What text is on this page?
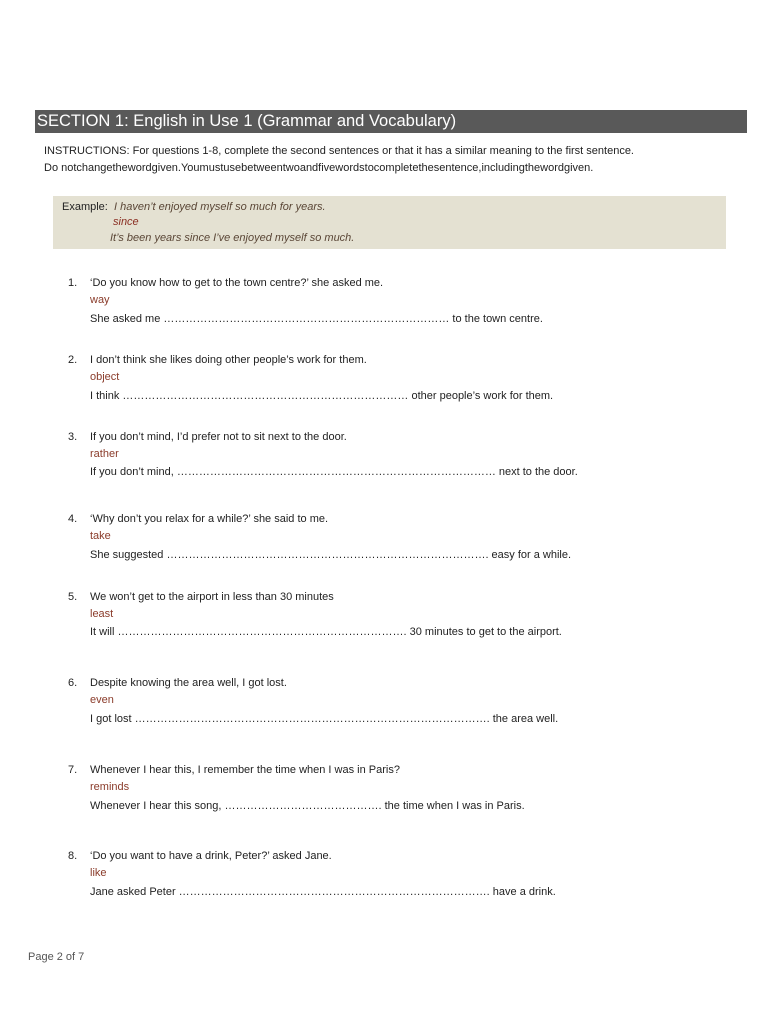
SECTION 1: English in Use 1 (Grammar and Vocabulary)
INSTRUCTIONS: For questions 1-8, complete the second sentences or that it has a similar meaning to the first sentence.
Do notchangethewordgiven.Youmustusebetweentwoandfivewordstocompletethesentence,includingthewordgiven.
Example: I haven’t enjoyed myself so much for years.
since
It’s been years since I’ve enjoyed myself so much.
1.	‘Do you know how to get to the town centre?’ she asked me.
way
She asked me …………………………………………………………………… to the town centre.
2.	I don’t think she likes doing other people’s work for them.
object
I think …………………………………………………………………… other people’s work for them.
3.	If you don’t mind, I’d prefer not to sit next to the door.
rather
If you don’t mind, …………………………………………………………………………… next to the door.
4.	‘Why don’t you relax for a while?’ she said to me.
take
She suggested ……………………………………………………………………………. easy for a while.
5.	We won’t get to the airport in less than 30 minutes
least
It will ……………………………………………………………………. 30 minutes to get to the airport.
6.	Despite knowing the area well, I got lost.
even
I got lost ……………………………………………………………………………………. the area well.
7.	Whenever I hear this, I remember the time when I was in Paris?
reminds
Whenever I hear this song, ……………………………………. the time when I was in Paris.
8.	‘Do you want to have a drink, Peter?’ asked Jane.
like
Jane asked Peter …………………………………………………………………………. have a drink.
Page 2 of 7
